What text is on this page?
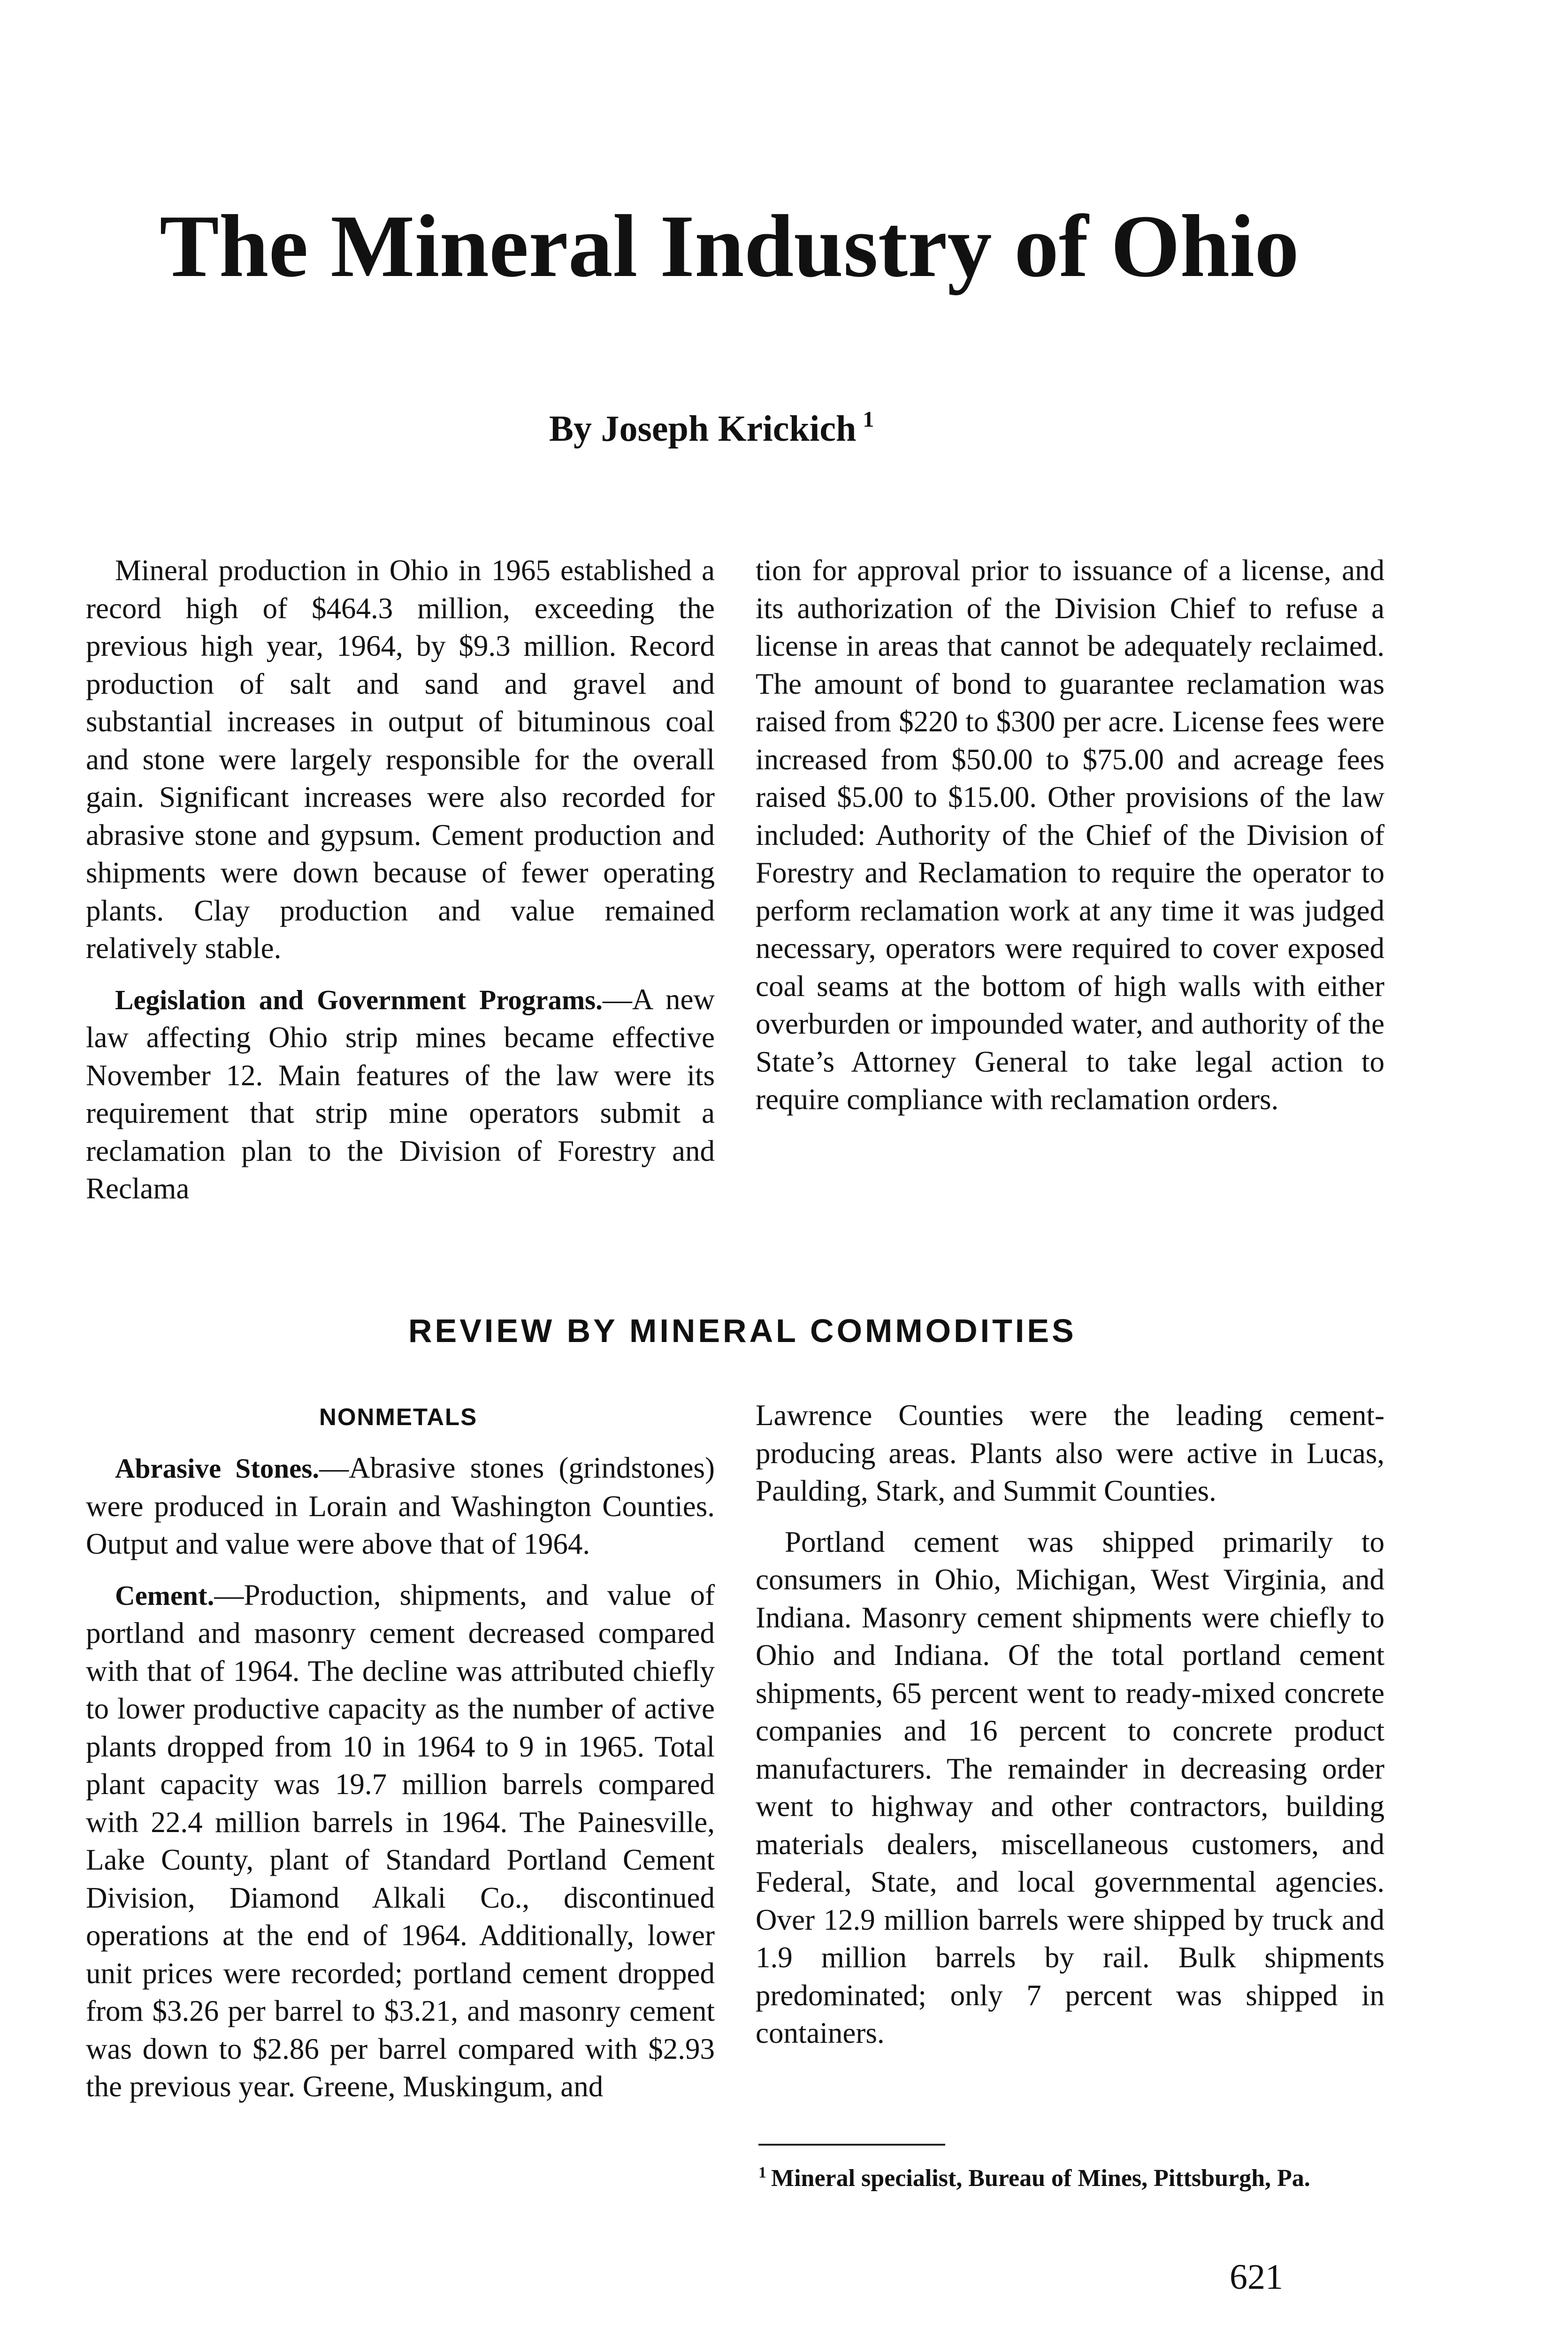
The Mineral Industry of Ohio

By Joseph Krickich $^1$

Mineral production in Ohio in 1965 established a record high of $464.3 million, exceeding the previous high year, 1964, by $9.3 million. Record production of salt and sand and gravel and substantial increases in output of bituminous coal and stone were largely responsible for the overall gain. Significant increases were also recorded for abrasive stone and gypsum. Cement production and shipments were down because of fewer operating plants. Clay production and value remained relatively stable.

Legislation and Government Programs.—A new law affecting Ohio strip mines became effective November 12. Main features of the law were its requirement that strip mine operators submit a reclamation plan to the Division of Forestry and Reclama

tion for approval prior to issuance of a license, and its authorization of the Division Chief to refuse a license in areas that cannot be adequately reclaimed. The amount of bond to guarantee reclamation was raised from $220 to $300 per acre. License fees were increased from $50.00 to $75.00 and acreage fees raised $5.00 to $15.00. Other provisions of the law included: Authority of the Chief of the Division of Forestry and Reclamation to require the operator to perform reclamation work at any time it was judged necessary, operators were required to cover exposed coal seams at the bottom of high walls with either overburden or impounded water, and authority of the State’s Attorney General to take legal action to require compliance with reclamation orders.

REVIEW BY MINERAL COMMODITIES
NONMETALS

Abrasive Stones.—Abrasive stones (grindstones) were produced in Lorain and Washington Counties. Output and value were above that of 1964.

Cement.—Production, shipments, and value of portland and masonry cement decreased compared with that of 1964. The decline was attributed chiefly to lower productive capacity as the number of active plants dropped from 10 in 1964 to 9 in 1965. Total plant capacity was 19.7 million barrels compared with 22.4 million barrels in 1964. The Painesville, Lake County, plant of Standard Portland Cement Division, Diamond Alkali Co., discontinued operations at the end of 1964. Additionally, lower unit prices were recorded; portland cement dropped from $3.26 per barrel to $3.21, and masonry cement was down to $2.86 per barrel compared with $2.93 the previous year. Greene, Muskingum, and

Lawrence Counties were the leading cement-producing areas. Plants also were active in Lucas, Paulding, Stark, and Summit Counties.

Portland cement was shipped primarily to consumers in Ohio, Michigan, West Virginia, and Indiana. Masonry cement shipments were chiefly to Ohio and Indiana. Of the total portland cement shipments, 65 percent went to ready-mixed concrete companies and 16 percent to concrete product manufacturers. The remainder in decreasing order went to highway and other contractors, building materials dealers, miscellaneous customers, and Federal, State, and local governmental agencies. Over 12.9 million barrels were shipped by truck and 1.9 million barrels by rail. Bulk shipments predominated; only 7 percent was shipped in containers.

$^1$ Mineral specialist, Bureau of Mines, Pittsburgh, Pa.

621
